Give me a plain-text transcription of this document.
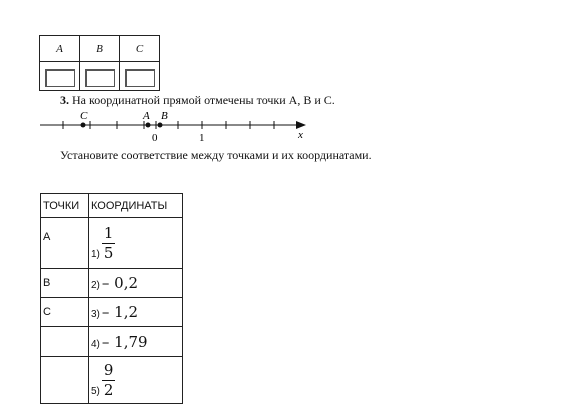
A	B	C

3. На координатной прямой отмечены точки A, B и C.
C	A B
0	1	x
Установите соответствие между точками и их координатами.
ТОЧКИ	КООРДИНАТЫ
A	$1) \frac{1}{5}$

B	2) – 0,2

C	3) – 1,2

	4) – 1,79

	$5) \frac{9}{2}$
